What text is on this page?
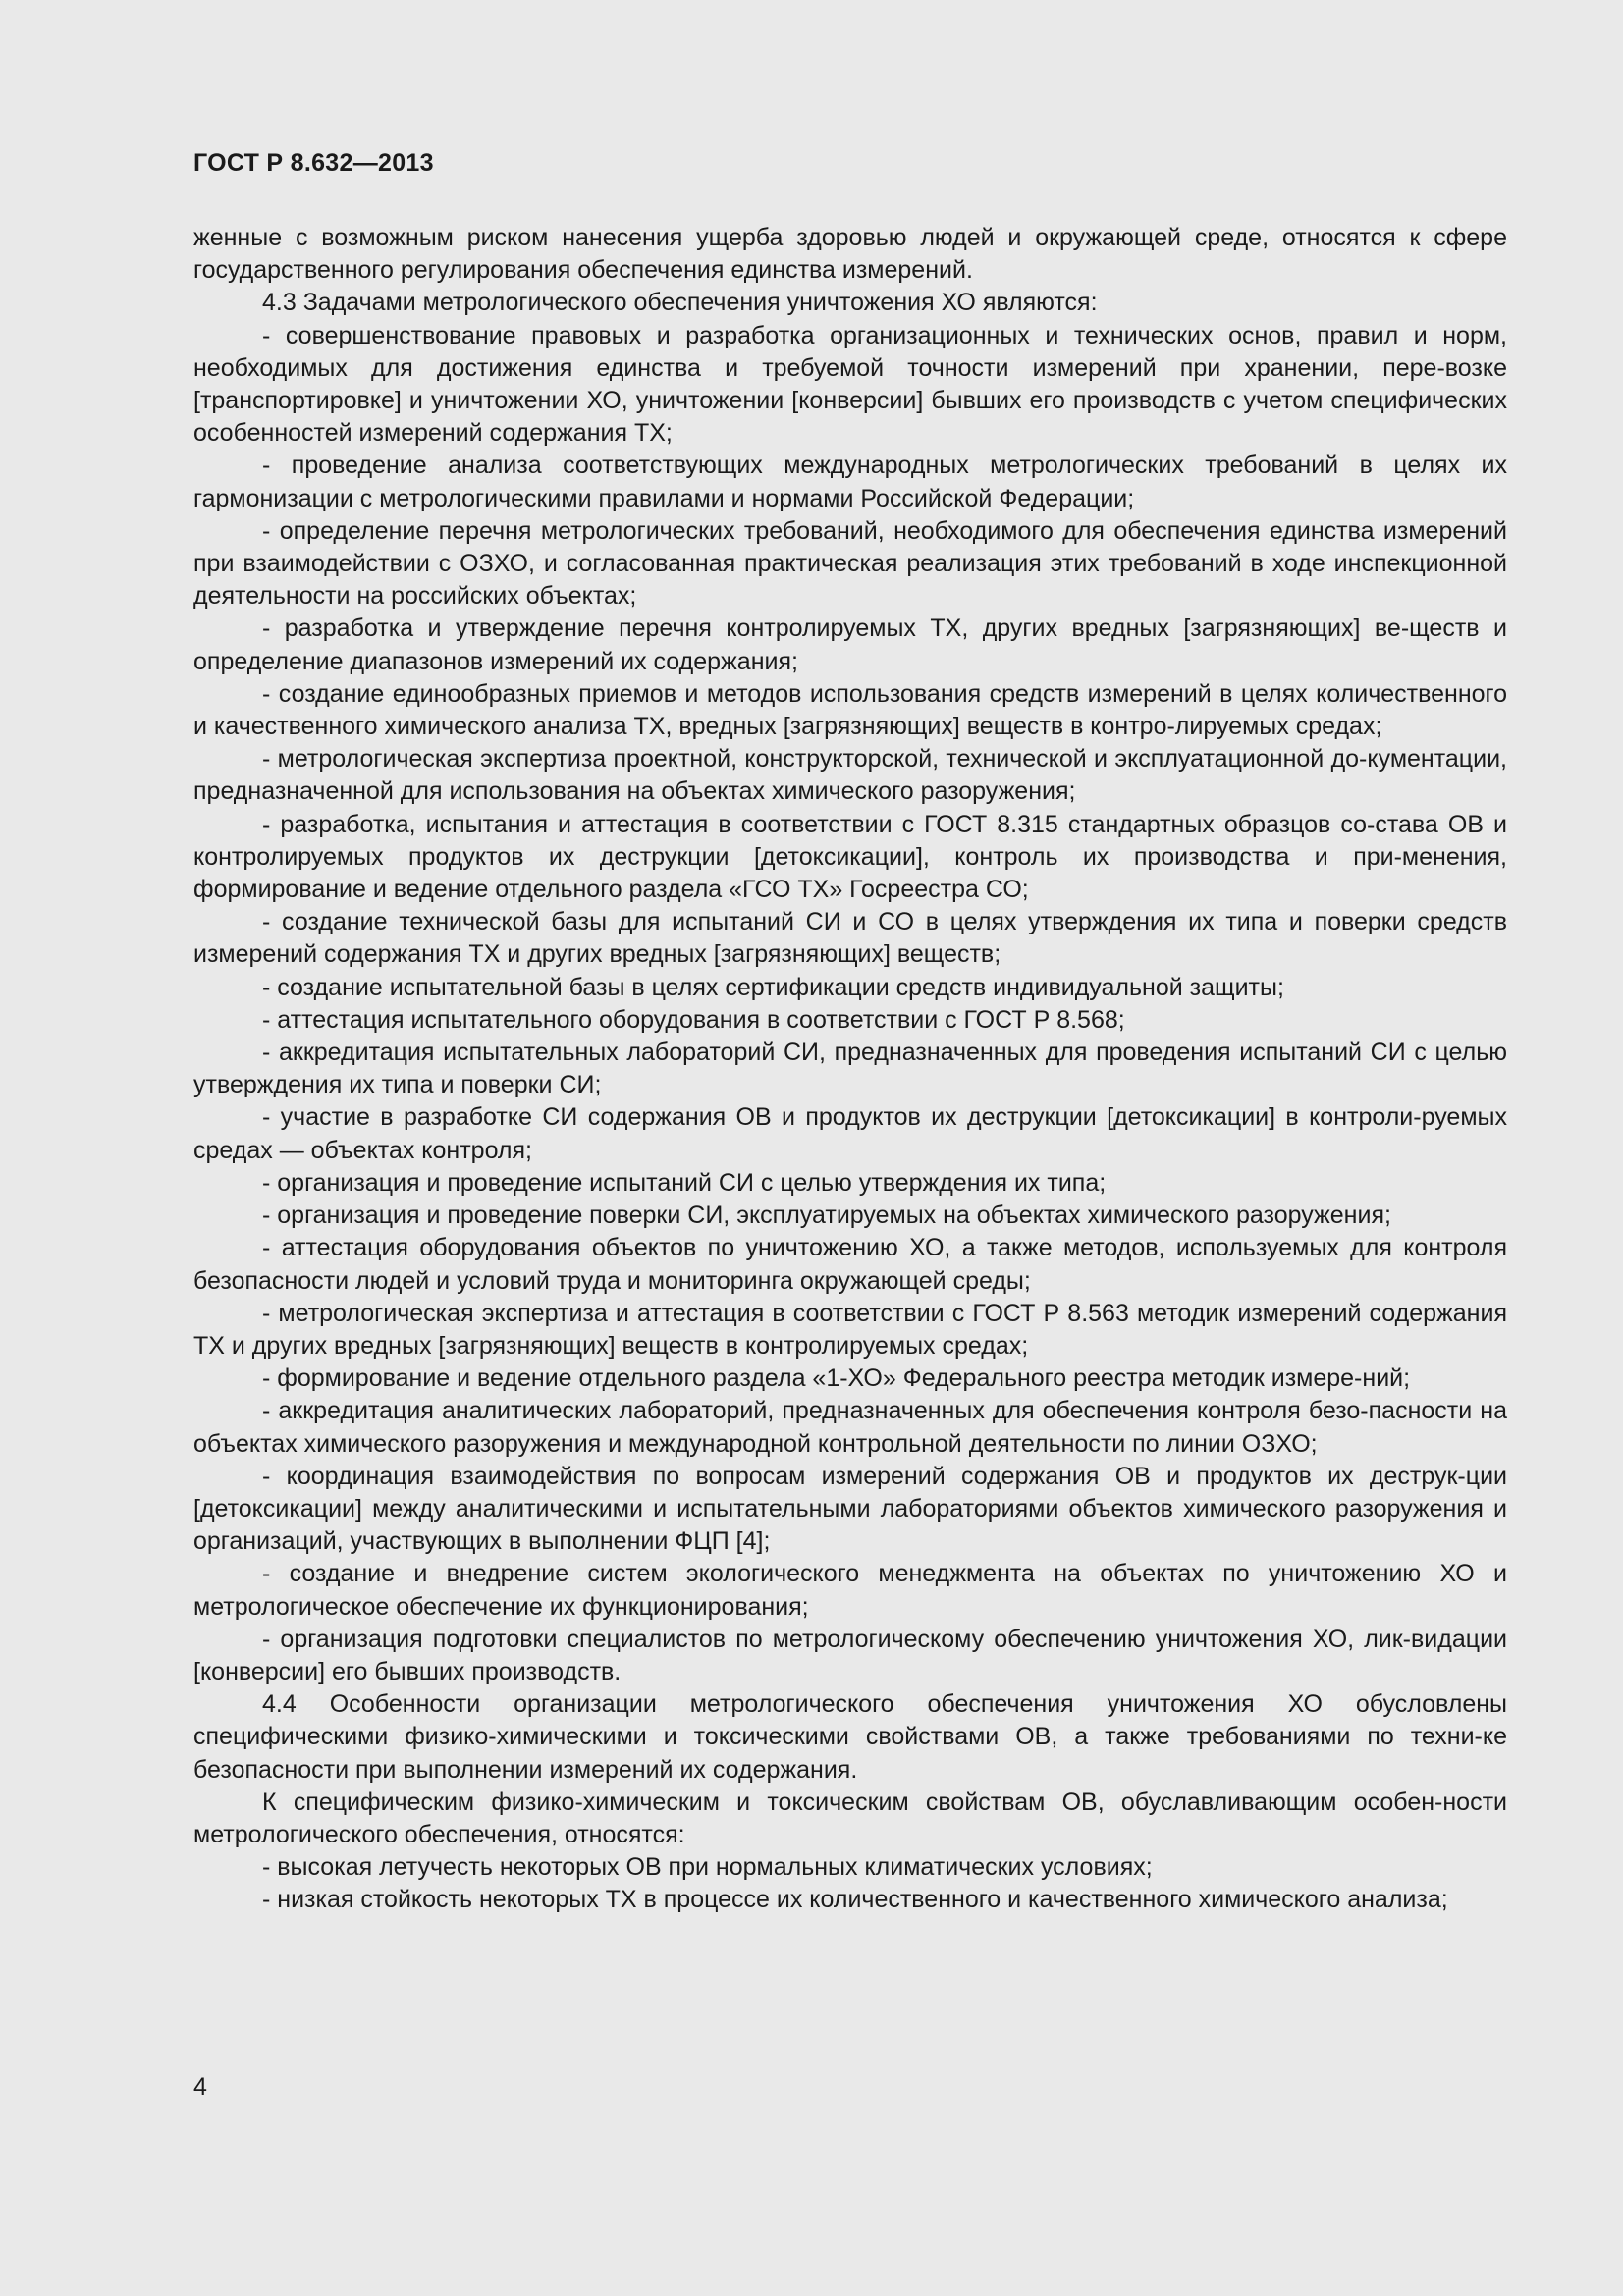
ГОСТ Р 8.632—2013

женные с возможным риском нанесения ущерба здоровью людей и окружающей среде, относятся к сфере государственного регулирования обеспечения единства измерений.

4.3 Задачами метрологического обеспечения уничтожения ХО являются:

- совершенствование правовых и разработка организационных и технических основ, правил и норм, необходимых для достижения единства и требуемой точности измерений при хранении, пере-возке [транспортировке] и уничтожении ХО, уничтожении [конверсии] бывших его производств с учетом специфических особенностей измерений содержания ТХ;

- проведение анализа соответствующих международных метрологических требований в целях их гармонизации с метрологическими правилами и нормами Российской Федерации;

- определение перечня метрологических требований, необходимого для обеспечения единства измерений при взаимодействии с ОЗХО, и согласованная практическая реализация этих требований в ходе инспекционной деятельности на российских объектах;

- разработка и утверждение перечня контролируемых ТХ, других вредных [загрязняющих] ве-ществ и определение диапазонов измерений их содержания;

- создание единообразных приемов и методов использования средств измерений в целях количественного и качественного химического анализа ТХ, вредных [загрязняющих] веществ в контро-лируемых средах;

- метрологическая экспертиза проектной, конструкторской, технической и эксплуатационной до-кументации, предназначенной для использования на объектах химического разоружения;

- разработка, испытания и аттестация в соответствии с ГОСТ 8.315 стандартных образцов со-става ОВ и контролируемых продуктов их деструкции [детоксикации], контроль их производства и при-менения, формирование и ведение отдельного раздела «ГСО ТХ» Госреестра СО;

- создание технической базы для испытаний СИ и СО в целях утверждения их типа и поверки средств измерений содержания ТХ и других вредных [загрязняющих] веществ;

- создание испытательной базы в целях сертификации средств индивидуальной защиты;

- аттестация испытательного оборудования в соответствии с ГОСТ Р 8.568;

- аккредитация испытательных лабораторий СИ, предназначенных для проведения испытаний СИ с целью утверждения их типа и поверки СИ;

- участие в разработке СИ содержания ОВ и продуктов их деструкции [детоксикации] в контроли-руемых средах — объектах контроля;

- организация и проведение испытаний СИ с целью утверждения их типа;

- организация и проведение поверки СИ, эксплуатируемых на объектах химического разоружения;

- аттестация оборудования объектов по уничтожению ХО, а также методов, используемых для контроля безопасности людей и условий труда и мониторинга окружающей среды;

- метрологическая экспертиза и аттестация в соответствии с ГОСТ Р 8.563 методик измерений содержания ТХ и других вредных [загрязняющих] веществ в контролируемых средах;

- формирование и ведение отдельного раздела «1-ХО» Федерального реестра методик измере-ний;

- аккредитация аналитических лабораторий, предназначенных для обеспечения контроля безо-пасности на объектах химического разоружения и международной контрольной деятельности по линии ОЗХО;

- координация взаимодействия по вопросам измерений содержания ОВ и продуктов их деструк-ции [детоксикации] между аналитическими и испытательными лабораториями объектов химического разоружения и организаций, участвующих в выполнении ФЦП [4];

- создание и внедрение систем экологического менеджмента на объектах по уничтожению ХО и метрологическое обеспечение их функционирования;

- организация подготовки специалистов по метрологическому обеспечению уничтожения ХО, лик-видации [конверсии] его бывших производств.

4.4 Особенности организации метрологического обеспечения уничтожения ХО обусловлены специфическими физико-химическими и токсическими свойствами ОВ, а также требованиями по техни-ке безопасности при выполнении измерений их содержания.

К специфическим физико-химическим и токсическим свойствам ОВ, обуславливающим особен-ности метрологического обеспечения, относятся:

- высокая летучесть некоторых ОВ при нормальных климатических условиях;

- низкая стойкость некоторых ТХ в процессе их количественного и качественного химического анализа;

4
